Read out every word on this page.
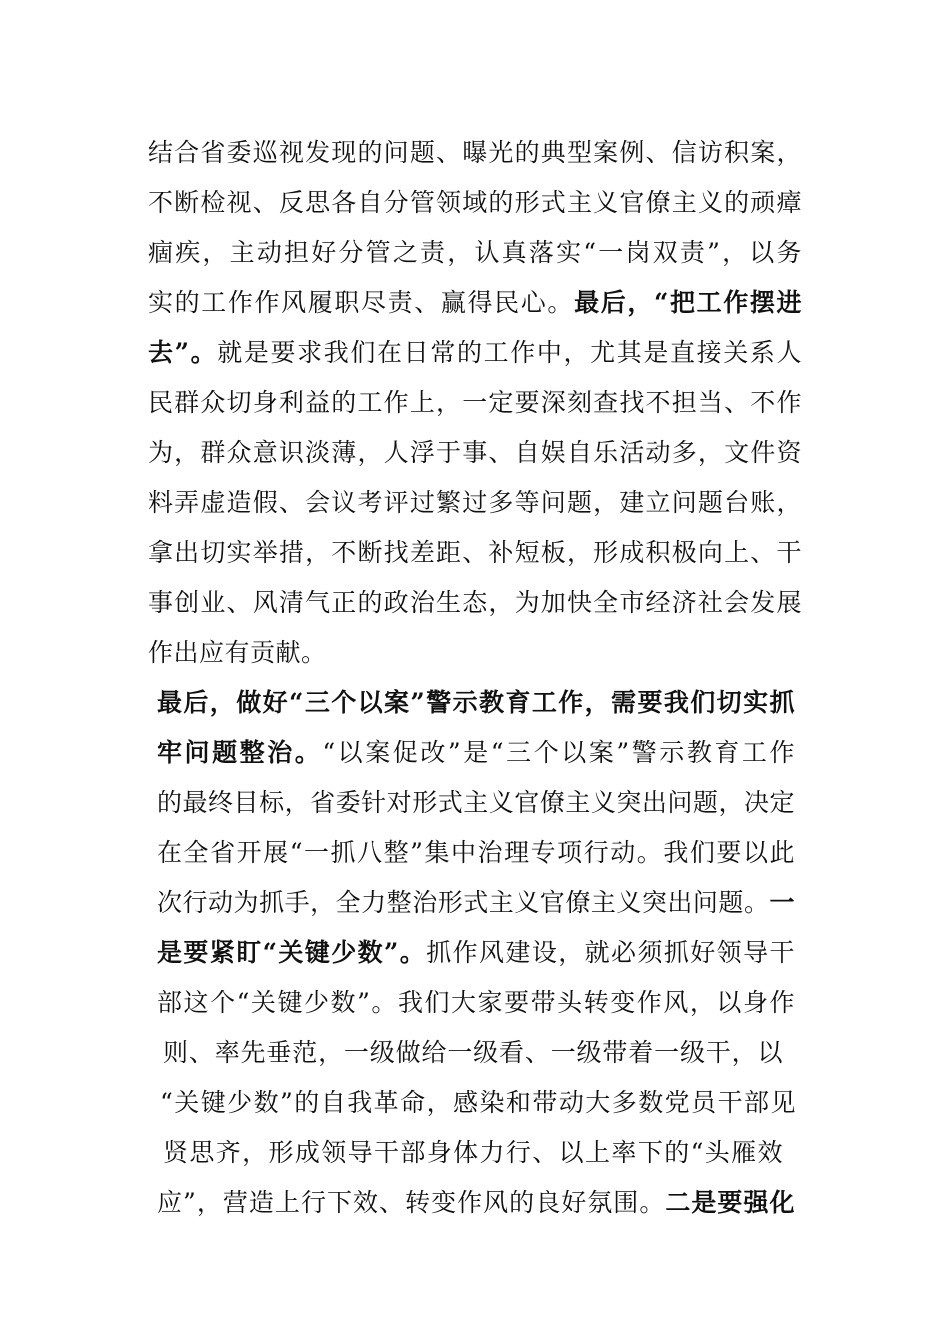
结合省委巡视发现的问题、曝光的典型案例、信访积案，
不断检视、反思各自分管领域的形式主义官僚主义的顽瘴
痼疾，主动担好分管之责，认真落实“一岗双责”，以务
实的工作作风履职尽责、赢得民心。最后，“把工作摆进
去”。就是要求我们在日常的工作中，尤其是直接关系人
民群众切身利益的工作上，一定要深刻查找不担当、不作
为，群众意识淡薄，人浮于事、自娱自乐活动多，文件资
料弄虚造假、会议考评过繁过多等问题，建立问题台账，
拿出切实举措，不断找差距、补短板，形成积极向上、干
事创业、风清气正的政治生态，为加快全市经济社会发展
作出应有贡献。
最后，做好“三个以案”警示教育工作，需要我们切实抓
牢问题整治。“以案促改”是“三个以案”警示教育工作
的最终目标，省委针对形式主义官僚主义突出问题，决定
在全省开展“一抓八整”集中治理专项行动。我们要以此
次行动为抓手，全力整治形式主义官僚主义突出问题。一
是要紧盯“关键少数”。抓作风建设，就必须抓好领导干
部这个“关键少数”。我们大家要带头转变作风，以身作
则、率先垂范，一级做给一级看、一级带着一级干，以
“关键少数”的自我革命，感染和带动大多数党员干部见
贤思齐，形成领导干部身体力行、以上率下的“头雁效
应”，营造上行下效、转变作风的良好氛围。二是要强化
